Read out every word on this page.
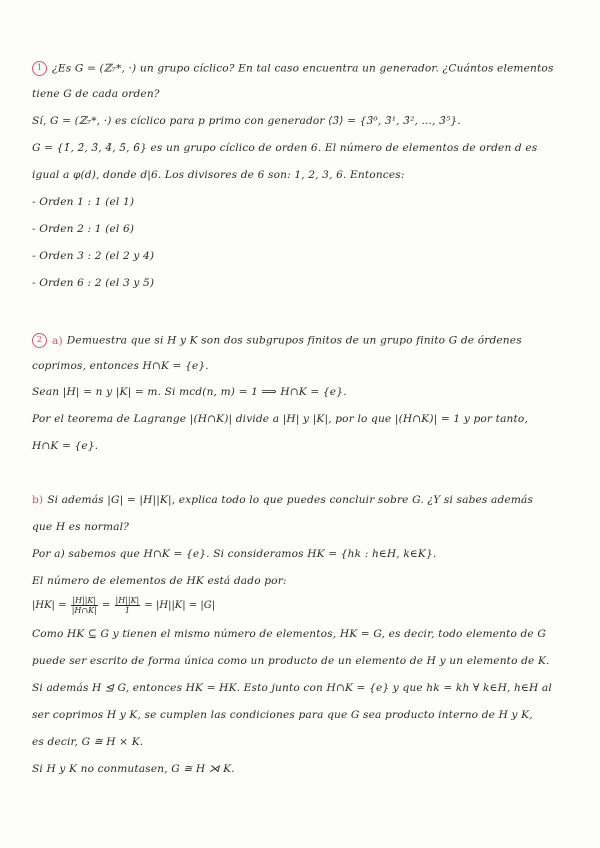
1 ¿Es G = (ℤ₇*, ·) un grupo cíclico? En tal caso encuentra un generador. ¿Cuántos elementos
tiene G de cada orden?
Sí, G = (ℤ₇*, ·) es cíclico para p primo con generador ⟨3̄⟩ = {3̄⁰, 3̄¹, 3̄², ..., 3̄⁵}.
G = {1̄, 2̄, 3̄, 4̄, 5̄, 6̄} es un grupo cíclico de orden 6. El número de elementos de orden d es
igual a φ(d), donde d|6. Los divisores de 6 son: 1, 2, 3, 6. Entonces:
- Orden 1 : 1 (el 1)
- Orden 2 : 1 (el 6)
- Orden 3 : 2 (el 2 y 4)
- Orden 6 : 2 (el 3 y 5)
2 a) Demuestra que si H y K son dos subgrupos finitos de un grupo finito G de órdenes
coprimos, entonces H∩K = {e}.
Sean |H| = n y |K| = m. Si mcd(n, m) = 1 ⟹ H∩K = {e}.
Por el teorema de Lagrange |(H∩K)| divide a |H| y |K|, por lo que |(H∩K)| = 1 y por tanto,
H∩K = {e}.
b) Si además |G| = |H||K|, explica todo lo que puedes concluir sobre G. ¿Y si sabes además
que H es normal?
Por a) sabemos que H∩K = {e}. Si consideramos HK = {hk : h∈H, k∈K}.
El número de elementos de HK está dado por:
$|HK| = \frac{|H||K|}{|H\cap K|} = \frac{|H||K|}{1} = |H||K| = |G|$
Como HK ⊆ G y tienen el mismo número de elementos, HK = G, es decir, todo elemento de G
puede ser escrito de forma única como un producto de un elemento de H y un elemento de K.
Si además H ⊴ G, entonces HK = HK. Esto junto con H∩K = {e} y que hk = kh ∀ k∈H, h∈H al
ser coprimos H y K, se cumplen las condiciones para que G sea producto interno de H y K,
es decir, G ≅ H × K.
Si H y K no conmutasen, G ≅ H ⋊ K.
